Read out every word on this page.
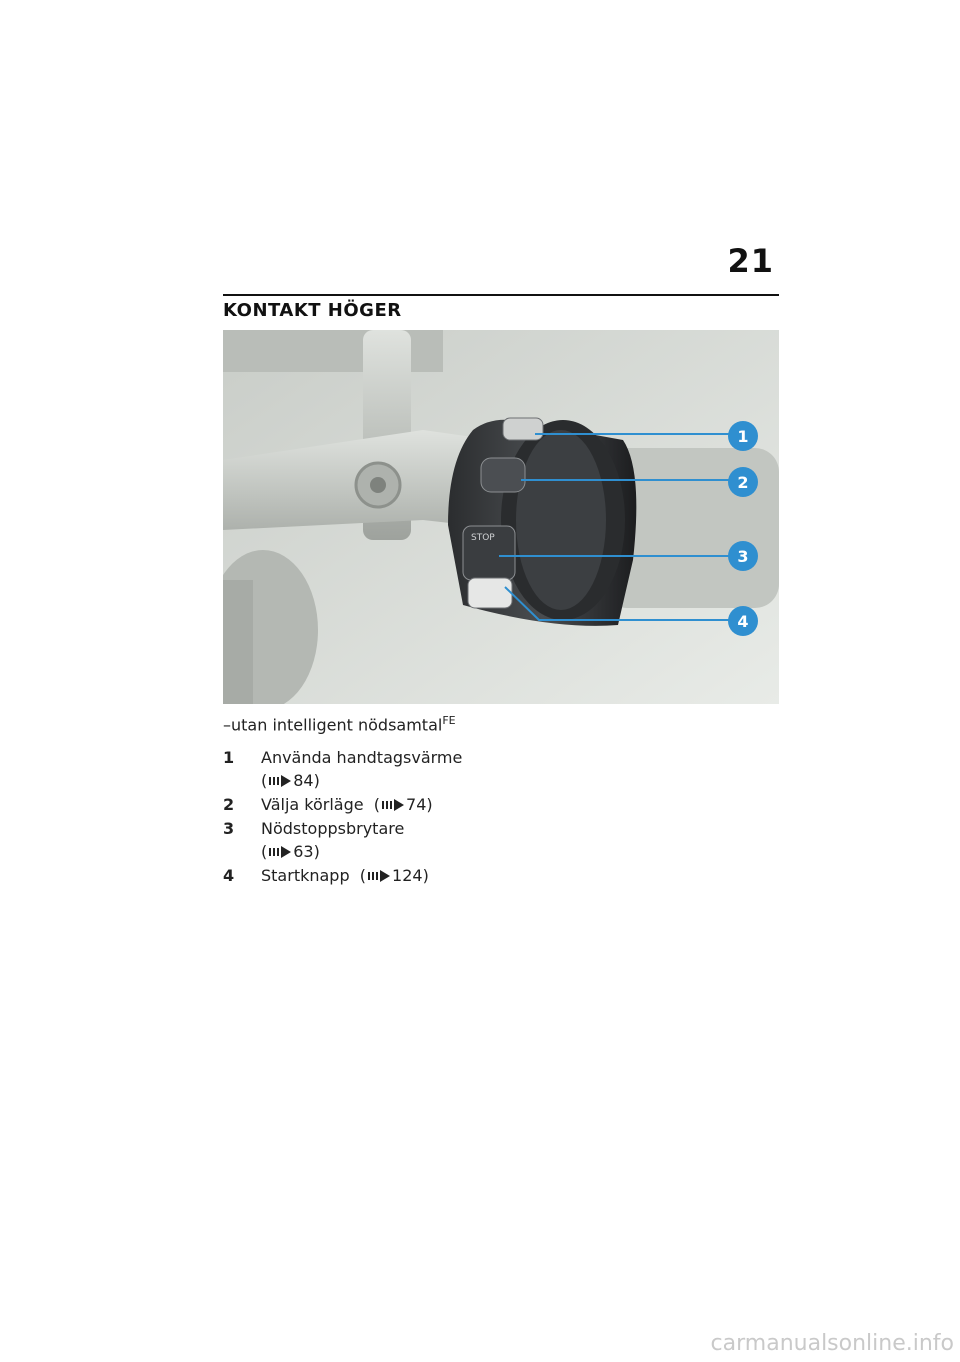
21
KONTAKT HÖGER
STOP
1
2
3
4
–utan intelligent nödsamtal$^{FE}$
1	Använda handtagsvärme
( 84)
2	Välja körläge ( 74)
3	Nödstoppsbrytare
( 63)
4	Startknapp ( 124)
carmanualsonline.info
